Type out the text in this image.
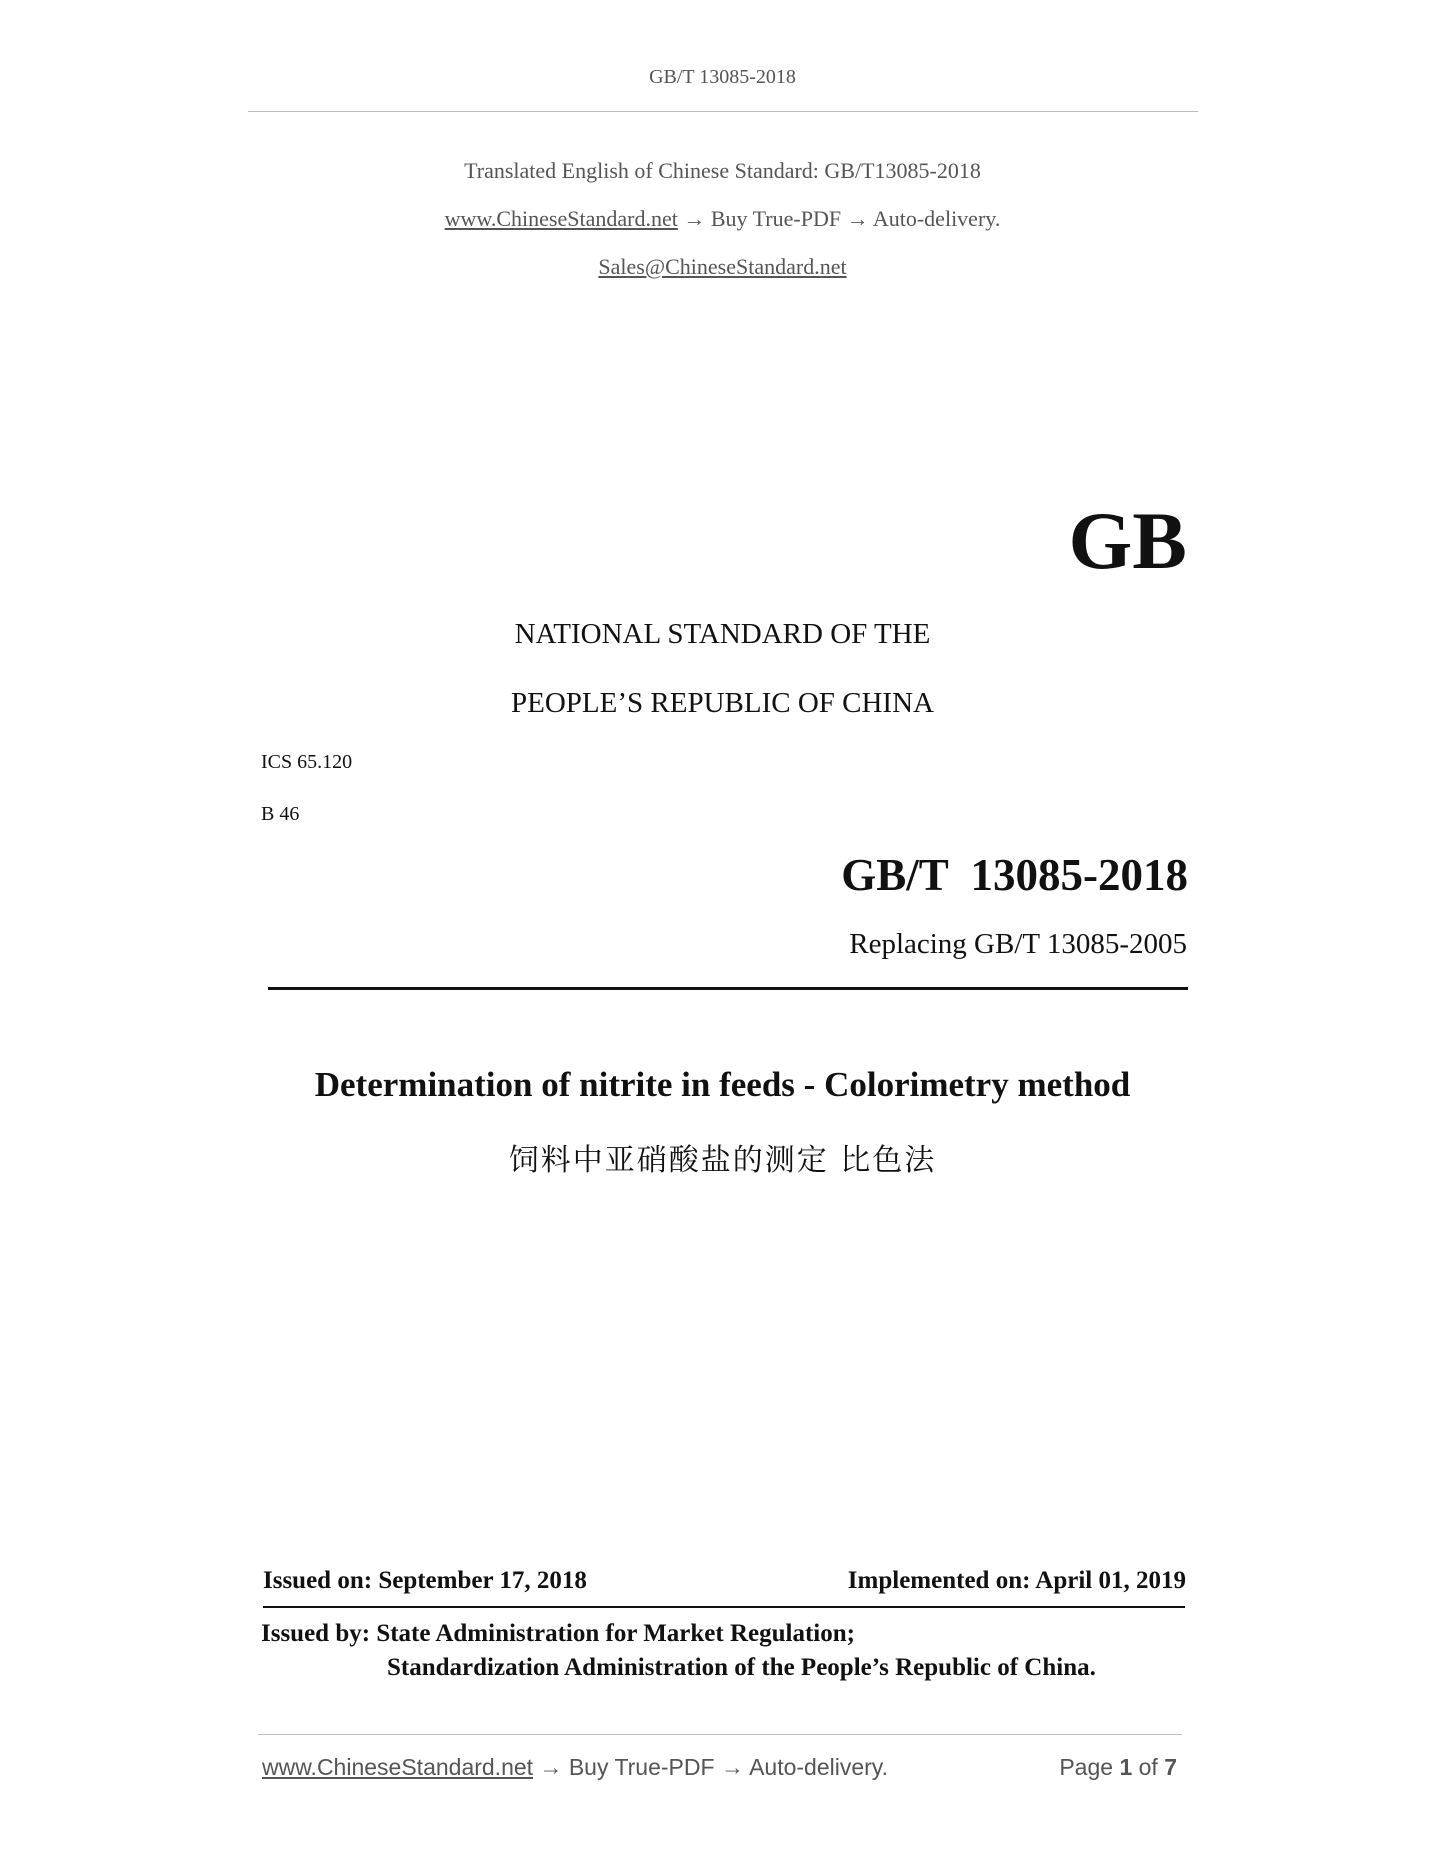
GB/T 13085-2018
Translated English of Chinese Standard: GB/T13085-2018
www.ChineseStandard.net → Buy True-PDF → Auto-delivery.
Sales@ChineseStandard.net
GB
NATIONAL STANDARD OF THE
PEOPLE’S REPUBLIC OF CHINA
ICS 65.120
B 46
GB/T  13085-2018
Replacing GB/T 13085-2005
Determination of nitrite in feeds - Colorimetry method
饲料中亚硝酸盐的测定 比色法
Issued on: September 17, 2018	Implemented on: April 01, 2019
Issued by: State Administration for Market Regulation;
Standardization Administration of the People’s Republic of China.
www.ChineseStandard.net → Buy True-PDF → Auto-delivery.	Page 1 of 7
